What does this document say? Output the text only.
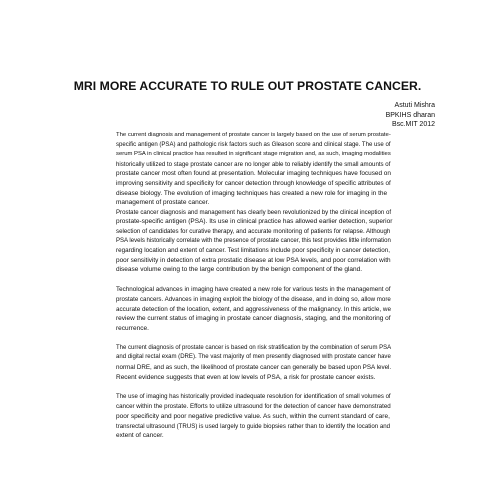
MRI MORE ACCURATE TO RULE OUT PROSTATE CANCER.
Astuti Mishra
BPKIHS dharan
Bsc.MIT 2012

The current diagnosis and management of prostate cancer is largely based on the use of serum prostate-
specific antigen (PSA) and pathologic risk factors such as Gleason score and clinical stage. The use of
serum PSA in clinical practice has resulted in significant stage migration and, as such, imaging modalities
historically utilized to stage prostate cancer are no longer able to reliably identify the small amounts of
prostate cancer most often found at presentation. Molecular imaging techniques have focused on
improving sensitivity and specificity for cancer detection through knowledge of specific attributes of
disease biology. The evolution of imaging techniques has created a new role for imaging in the
management of prostate cancer.
Prostate cancer diagnosis and management has clearly been revolutionized by the clinical inception of
prostate-specific antigen (PSA). Its use in clinical practice has allowed earlier detection, superior
selection of candidates for curative therapy, and accurate monitoring of patients for relapse. Although
PSA levels historically correlate with the presence of prostate cancer, this test provides little information
regarding location and extent of cancer. Test limitations include poor specificity in cancer detection,
poor sensitivity in detection of extra prostatic disease at low PSA levels, and poor correlation with
disease volume owing to the large contribution by the benign component of the gland.

Technological advances in imaging have created a new role for various tests in the management of
prostate cancers. Advances in imaging exploit the biology of the disease, and in doing so, allow more
accurate detection of the location, extent, and aggressiveness of the malignancy. In this article, we
review the current status of imaging in prostate cancer diagnosis, staging, and the monitoring of
recurrence.

The current diagnosis of prostate cancer is based on risk stratification by the combination of serum PSA
and digital rectal exam (DRE). The vast majority of men presently diagnosed with prostate cancer have
normal DRE, and as such, the likelihood of prostate cancer can generally be based upon PSA level.
Recent evidence suggests that even at low levels of PSA, a risk for prostate cancer exists.

The use of imaging has historically provided inadequate resolution for identification of small volumes of
cancer within the prostate. Efforts to utilize ultrasound for the detection of cancer have demonstrated
poor specificity and poor negative predictive value. As such, within the current standard of care,
transrectal ultrasound (TRUS) is used largely to guide biopsies rather than to identify the location and
extent of cancer.
